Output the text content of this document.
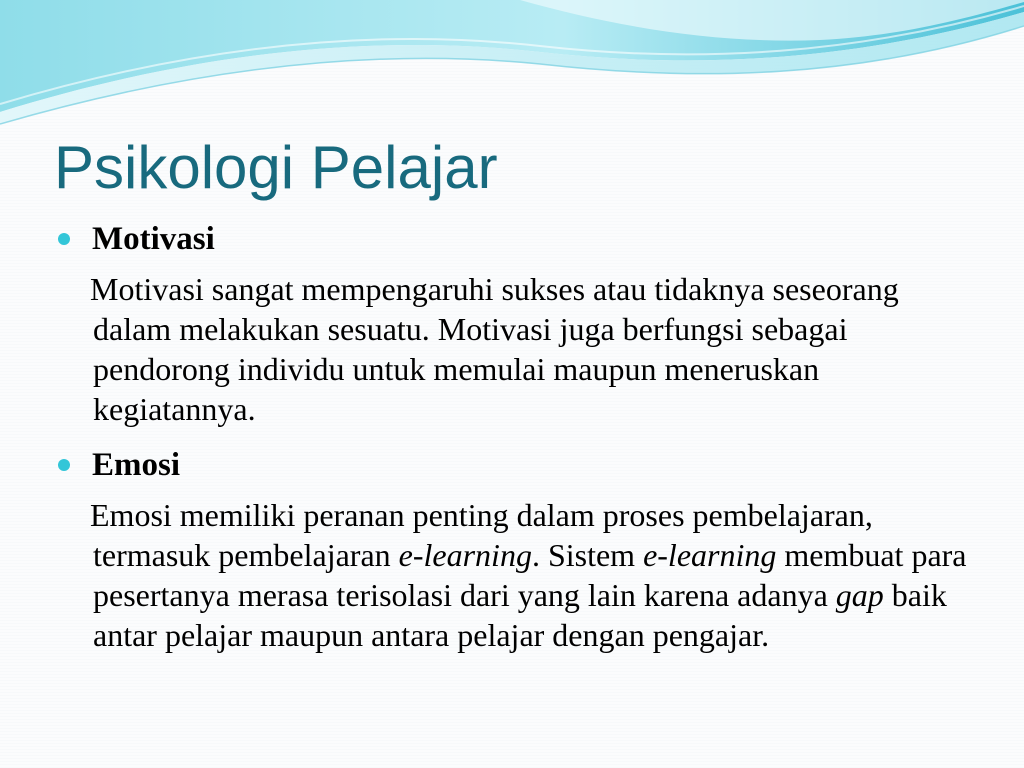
Psikologi Pelajar
Motivasi

Motivasi sangat mempengaruhi sukses atau tidaknya seseorang dalam melakukan sesuatu. Motivasi juga berfungsi sebagai pendorong individu untuk memulai maupun meneruskan kegiatannya.

Emosi

Emosi memiliki peranan penting dalam proses pembelajaran, termasuk pembelajaran e-learning. Sistem e-learning membuat para pesertanya merasa terisolasi dari yang lain karena adanya gap baik antar pelajar maupun antara pelajar dengan pengajar.
